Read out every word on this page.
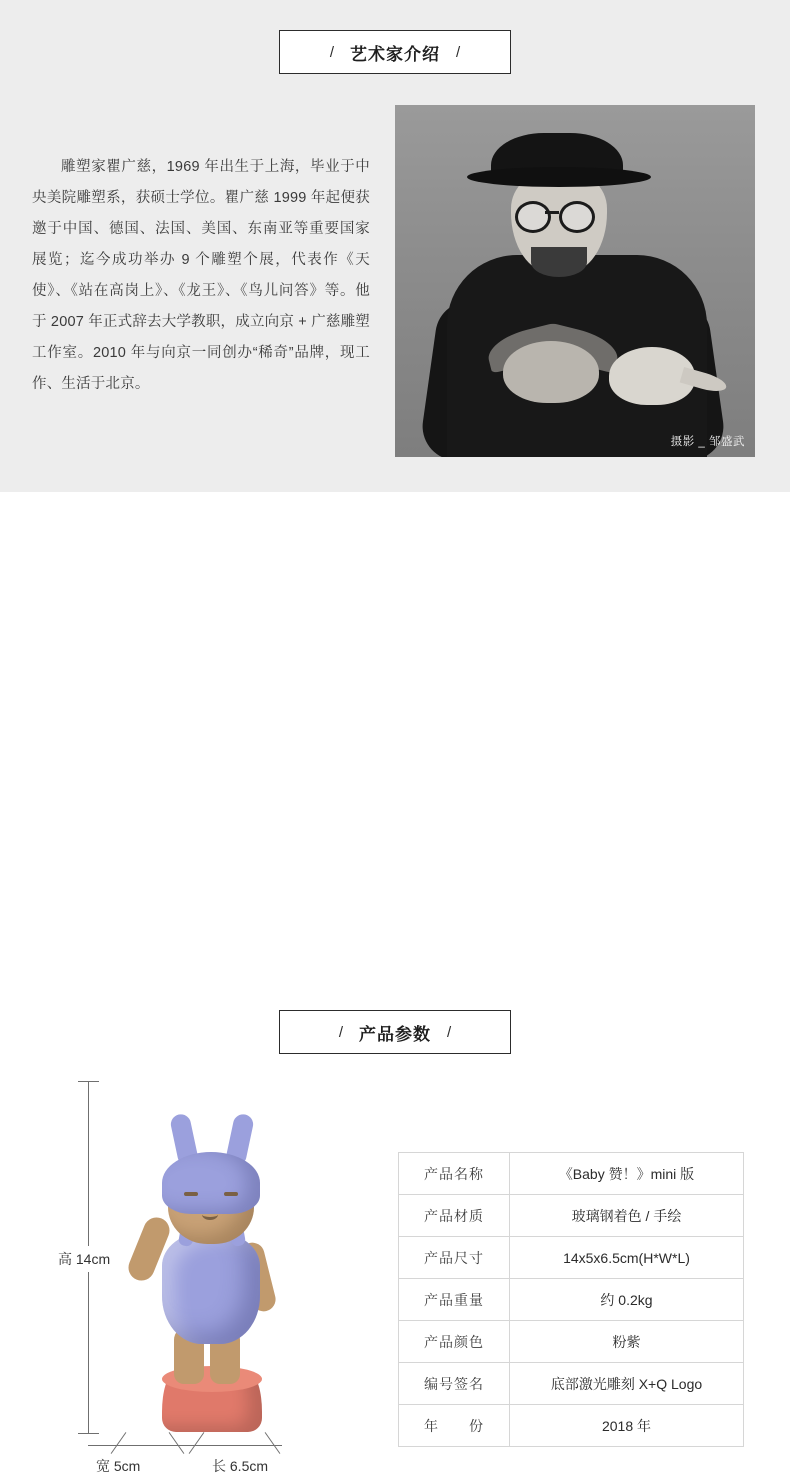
/ 艺术家介绍 /
雕塑家瞿广慈，1969 年出生于上海，毕业于中央美院雕塑系，获硕士学位。瞿广慈 1999 年起便获邀于中国、德国、法国、美国、东南亚等重要国家展览；迄今成功举办 9 个雕塑个展，代表作《天使》、《站在高岗上》、《龙王》、《鸟儿问答》等。他于 2007 年正式辞去大学教职，成立向京 + 广慈雕塑工作室。2010 年与向京一同创办“稀奇”品牌，现工作、生活于北京。
摄影 _ 邹盛武
/ 产品参数 /
高 14cm
宽 5cm	长 6.5cm
产品名称	《Baby 赞！》mini 版
产品材质	玻璃钢着色 / 手绘
产品尺寸	14x5x6.5cm(H*W*L)
产品重量	约 0.2kg
产品颜色	粉紫
编号签名	底部激光雕刻 X+Q Logo
年　　份	2018 年
